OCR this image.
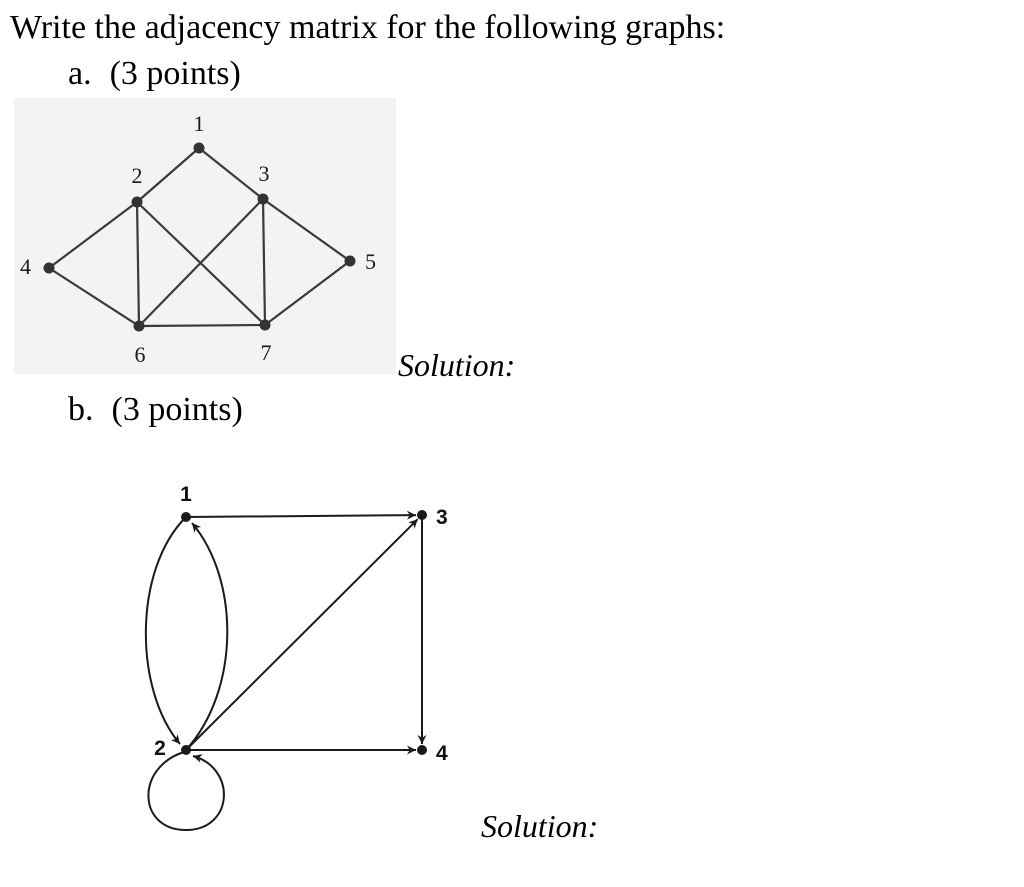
Write the adjacency matrix for the following graphs:
a. (3 points)
Solution:
b. (3 points)
Solution:
1
2	3
4	5
6	7
1
2
3
4
